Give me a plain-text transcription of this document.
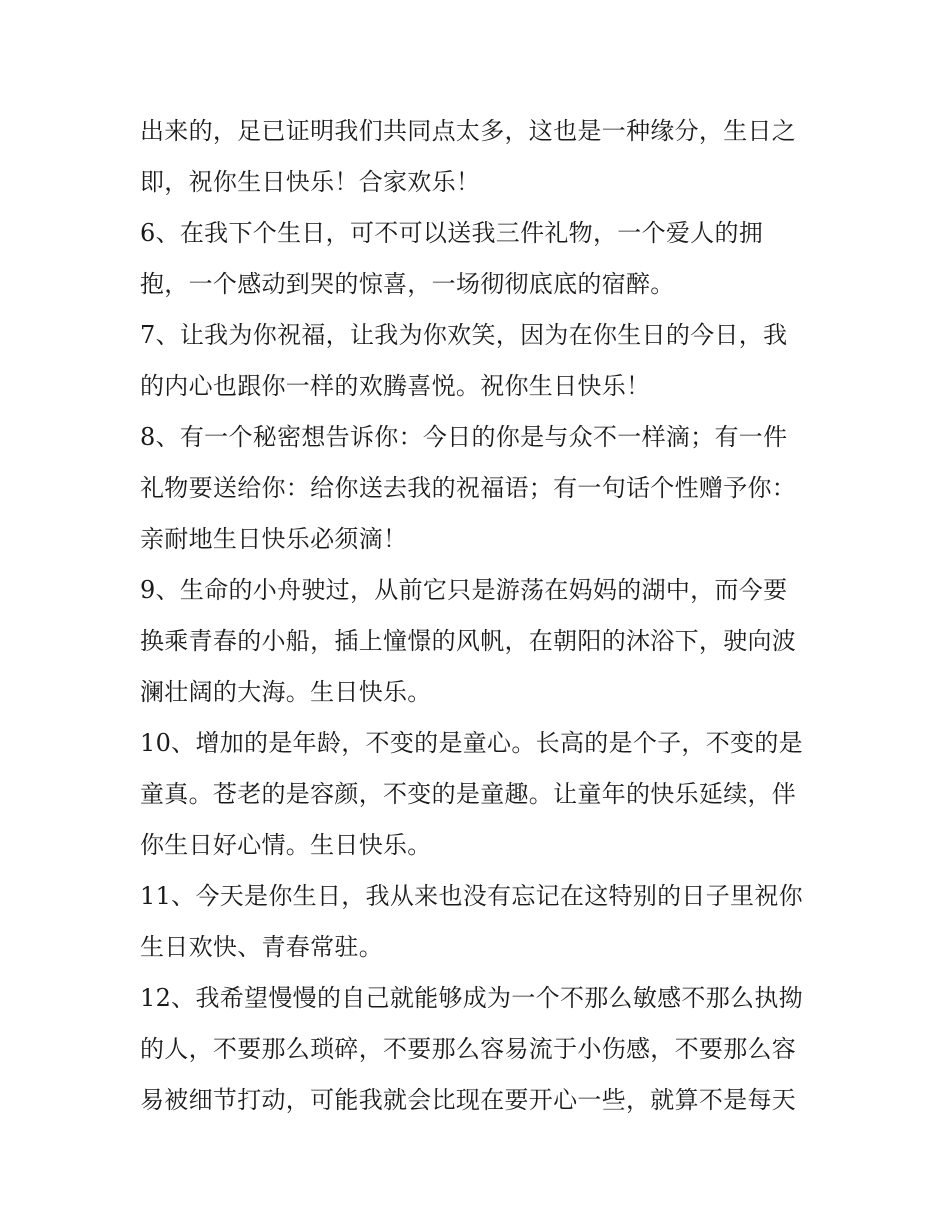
出来的，足已证明我们共同点太多，这也是一种缘分，生日之
即，祝你生日快乐！合家欢乐！
6、在我下个生日，可不可以送我三件礼物，一个爱人的拥
抱，一个感动到哭的惊喜，一场彻彻底底的宿醉。
7、让我为你祝福，让我为你欢笑，因为在你生日的今日，我
的内心也跟你一样的欢腾喜悦。祝你生日快乐！
8、有一个秘密想告诉你：今日的你是与众不一样滴；有一件
礼物要送给你：给你送去我的祝福语；有一句话个性赠予你：
亲耐地生日快乐必须滴！
9、生命的小舟驶过，从前它只是游荡在妈妈的湖中，而今要
换乘青春的小船，插上憧憬的风帆，在朝阳的沐浴下，驶向波
澜壮阔的大海。生日快乐。
10、增加的是年龄，不变的是童心。长高的是个子，不变的是
童真。苍老的是容颜，不变的是童趣。让童年的快乐延续，伴
你生日好心情。生日快乐。
11、今天是你生日，我从来也没有忘记在这特别的日子里祝你
生日欢快、青春常驻。
12、我希望慢慢的自己就能够成为一个不那么敏感不那么执拗
的人，不要那么琐碎，不要那么容易流于小伤感，不要那么容
易被细节打动，可能我就会比现在要开心一些，就算不是每天
